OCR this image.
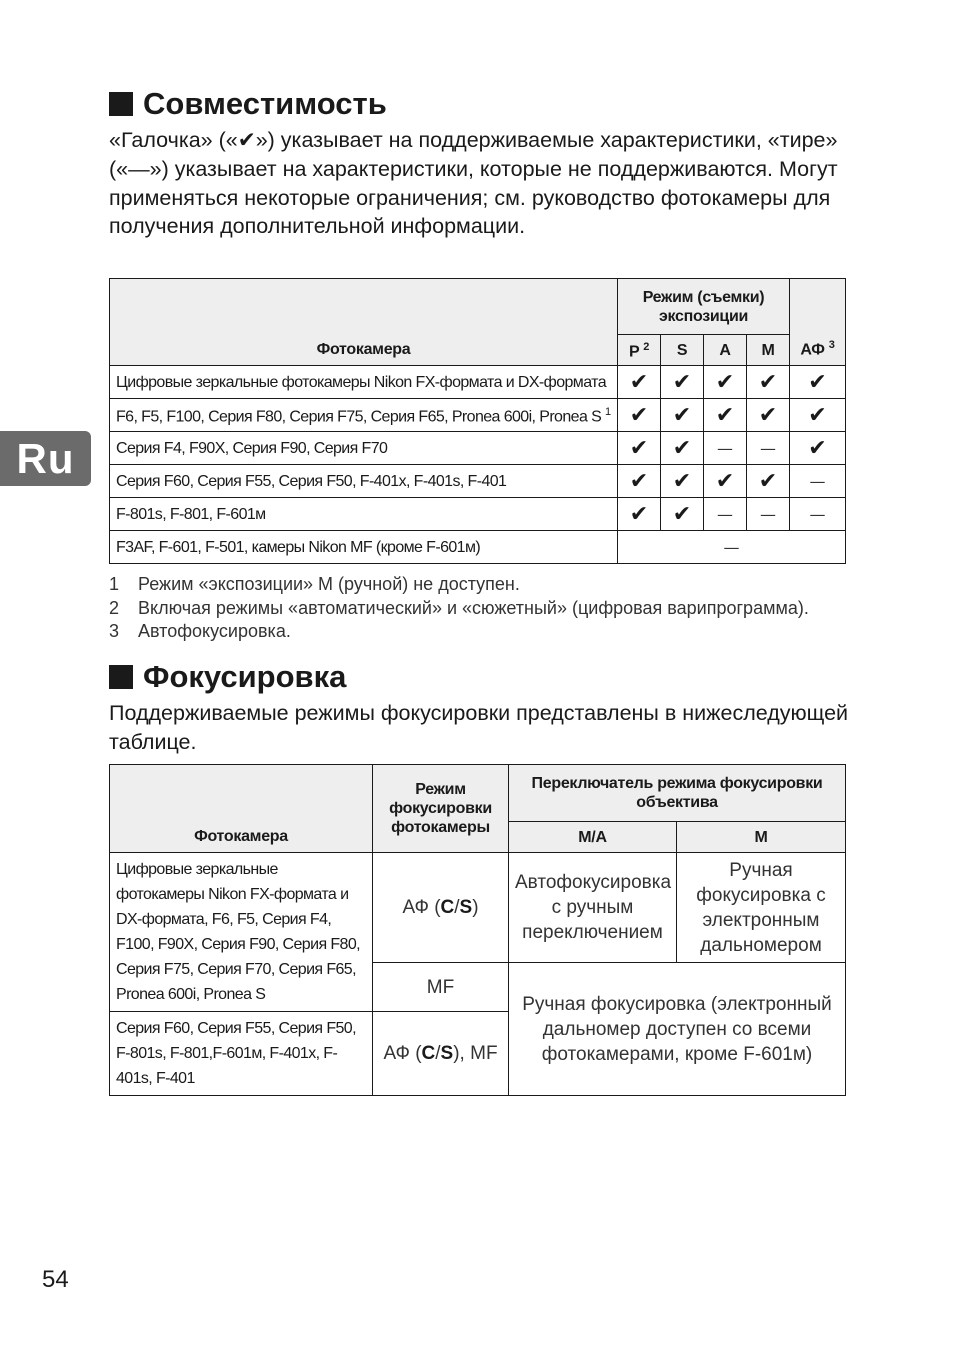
Совместимость

«Галочка» («✔») указывает на поддерживаемые характеристики, «тире» («—») указывает на характеристики, которые не поддерживаются. Могут применяться некоторые ограничения; см. руководство фотокамеры для получения дополнительной информации.

Ru
Фотокамера	Режим (съемки) экспозиции				АФ $^3$
	P $^2$	S	A	M	
Цифровые зеркальные фотокамеры Nikon FX-формата и DX-формата	✔	✔	✔	✔	✔
F6, F5, F100, Серия F80, Серия F75, Серия F65, Pronea 600i, Pronea S $^1$	✔	✔	✔	✔	✔
Серия F4, F90X, Серия F90, Серия F70	✔	✔	—	—	✔
Серия F60, Серия F55, Серия F50, F-401x, F-401s, F-401	✔	✔	✔	✔	—
F-801s, F-801, F-601м	✔	✔	—	—	—
F3AF, F-601, F-501, камеры Nikon MF (кроме F-601м)	—				
1 Режим «экспозиции» M (ручной) не доступен.
2 Включая режимы «автоматический» и «сюжетный» (цифровая варипрограмма).
3 Автофокусировка.
Фокусировка

Поддерживаемые режимы фокусировки представлены в нижеследующей таблице.

Фотокамера	Режим фокусировки фотокамеры	Переключатель режима фокусировки объектива	
		M/A	M
Цифровые зеркальные фотокамеры Nikon FX-формата и DX-формата, F6, F5, Серия F4, F100, F90X, Серия F90, Серия F80, Серия F75, Серия F70, Серия F65, Pronea 600i, Pronea S	АФ (C/S)	Автофокусировка с ручным переключением	Ручная фокусировка с электронным дальномером
	MF	Ручная фокусировка (электронный дальномер доступен со всеми фотокамерами, кроме F-601м)	
Серия F60, Серия F55, Серия F50, F-801s, F-801,F-601м, F-401x, F-401s, F-401	АФ (C/S), MF		
54
